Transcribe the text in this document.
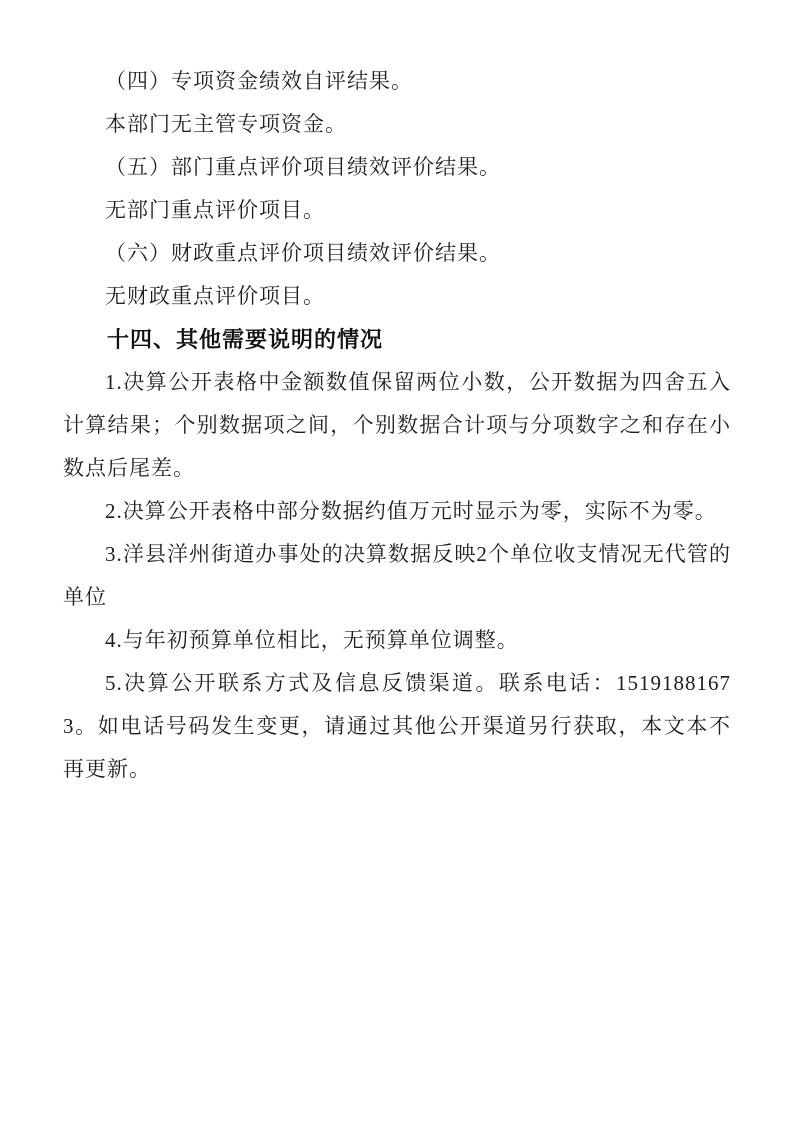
（四）专项资金绩效自评结果。

本部门无主管专项资金。

（五）部门重点评价项目绩效评价结果。

无部门重点评价项目。

（六）财政重点评价项目绩效评价结果。

无财政重点评价项目。

十四、其他需要说明的情况

1.决算公开表格中金额数值保留两位小数，公开数据为四舍五入计算结果；个别数据项之间，个别数据合计项与分项数字之和存在小数点后尾差。

2.决算公开表格中部分数据约值万元时显示为零，实际不为零。

3.洋县洋州街道办事处的决算数据反映2个单位收支情况无代管的单位

4.与年初预算单位相比，无预算单位调整。

5.决算公开联系方式及信息反馈渠道。联系电话：15191881673。如电话号码发生变更，请通过其他公开渠道另行获取，本文本不再更新。
